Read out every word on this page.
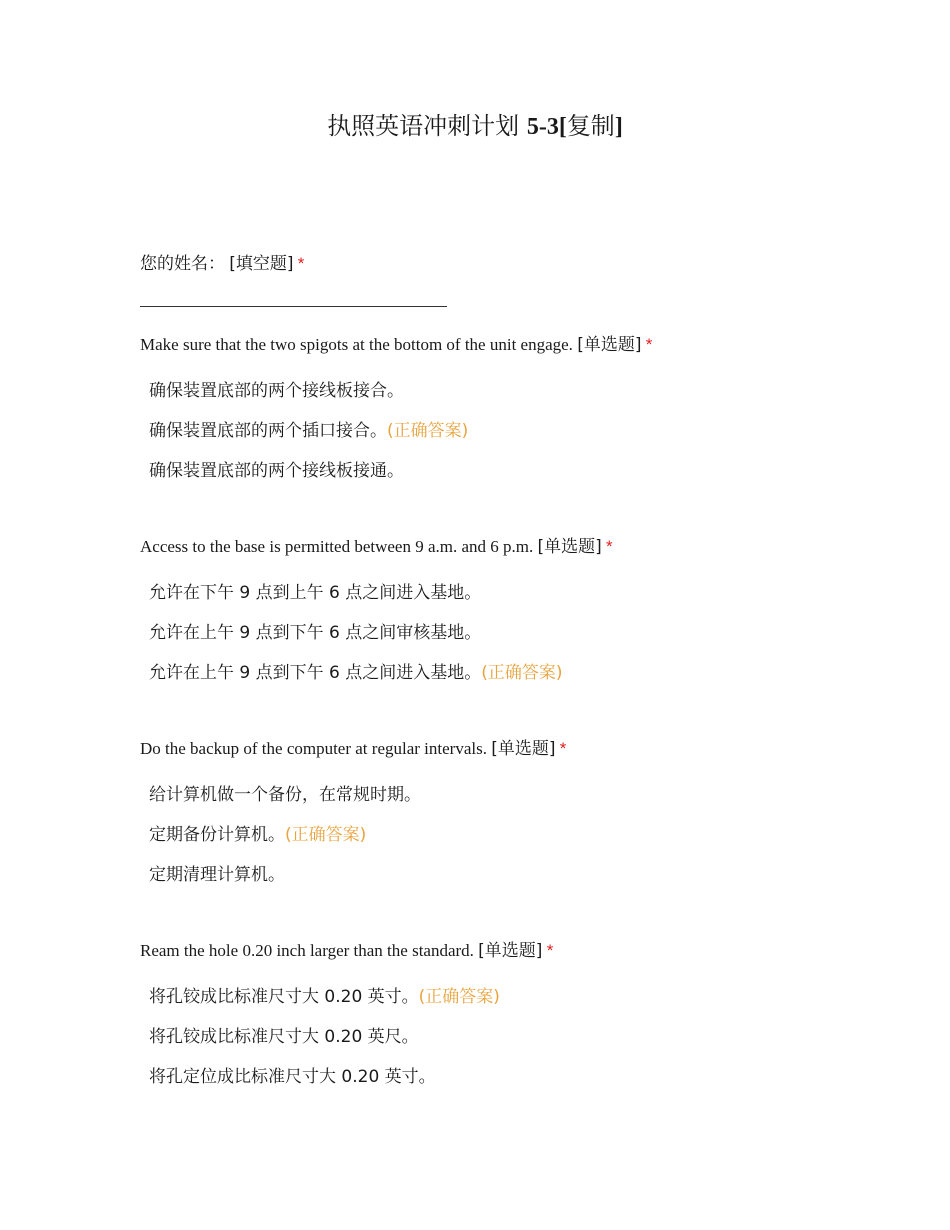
执照英语冲刺计划 5-3[复制]
您的姓名： [填空题] *
Make sure that the two spigots at the bottom of the unit engage. [单选题] *
确保装置底部的两个接线板接合。
确保装置底部的两个插口接合。(正确答案)
确保装置底部的两个接线板接通。
Access to the base is permitted between 9 a.m. and 6 p.m. [单选题] *
允许在下午 9 点到上午 6 点之间进入基地。
允许在上午 9 点到下午 6 点之间审核基地。
允许在上午 9 点到下午 6 点之间进入基地。(正确答案)
Do the backup of the computer at regular intervals. [单选题] *
给计算机做一个备份，在常规时期。
定期备份计算机。(正确答案)
定期清理计算机。
Ream the hole 0.20 inch larger than the standard. [单选题] *
将孔铰成比标准尺寸大 0.20 英寸。(正确答案)
将孔铰成比标准尺寸大 0.20 英尺。
将孔定位成比标准尺寸大 0.20 英寸。
